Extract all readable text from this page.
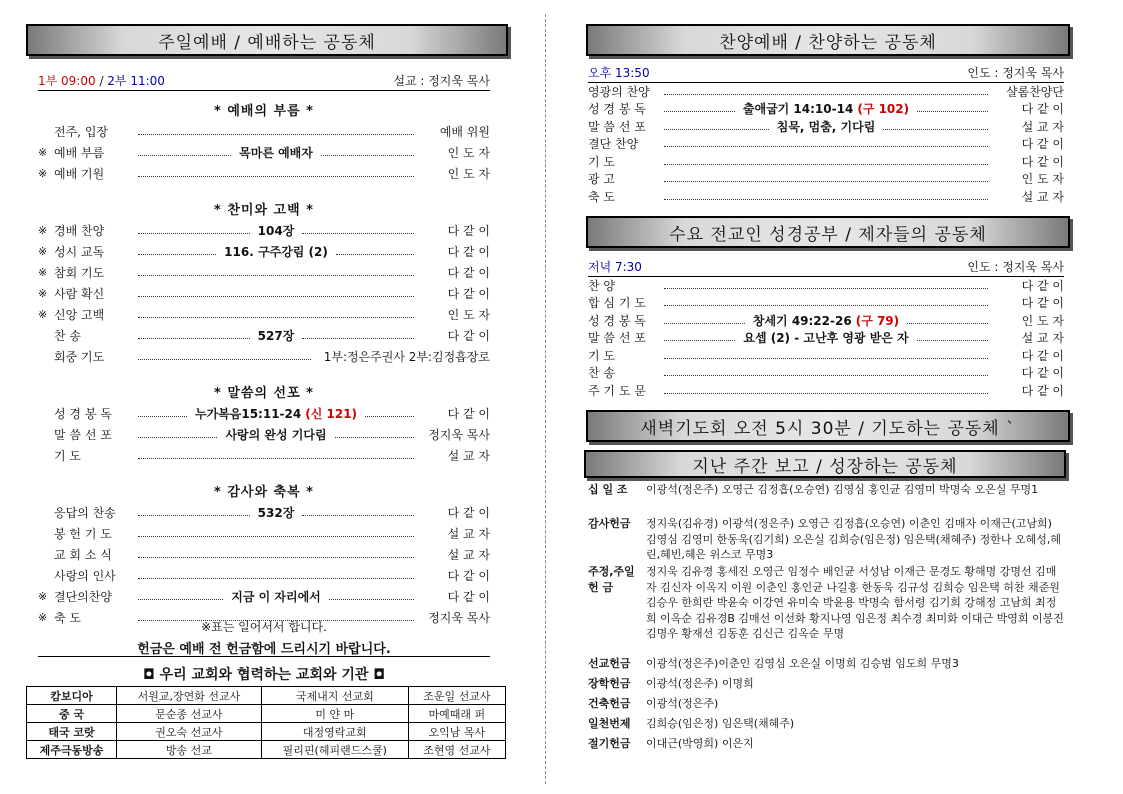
주일예배 / 예배하는 공동체
1부 09:00 / 2부 11:00	설교 : 정지욱 목사
* 예배의 부름 *
전주, 입장	예배 위원
※ 예배 부름	목마른 예배자	인 도 자
※ 예배 기원	인 도 자
* 찬미와 고백 *
※ 경배 찬양	104장	다 같 이
※ 성시 교독	116. 구주강림 (2)	다 같 이
※ 참회 기도	다 같 이
※ 사람 확신	다 같 이
※ 신앙 고백	인 도 자
찬 송	527장	다 같 이
회중 기도	1부:정은주권사 2부:김정흡장로
* 말씀의 선포 *
성 경 봉 독	누가복음15:11-24 (신 121)	다 같 이
말 씀 선 포	사랑의 완성 기다림	정지욱 목사
기 도	설 교 자
* 감사와 축복 *
응답의 찬송	532장	다 같 이
봉 헌 기 도	설 교 자
교 회 소 식	설 교 자
사랑의 인사	다 같 이
※ 결단의찬양	지금 이 자리에서	다 같 이
※ 축 도	정지욱 목사
※표는 일어서서 합니다.
헌금은 예배 전 헌금함에 드리시기 바랍니다.
◘ 우리 교회와 협력하는 교회와 기관 ◘
캄보디아	서원교,장연화 선교사	국제내지 선교회	조운일 선교사
중 국	문순종 선교사	미 얀 마	마예때래 퍼
태국 코랏	권오숙 선교사	대정영락교회	오익남 목사
제주극동방송	방송 선교	필리핀(헤피랜드스쿨)	조현영 선교사
찬양예배 / 찬양하는 공동체
오후 13:50	인도 : 정지욱 목사
영광의 찬양	샬롬찬양단
성 경 봉 독	출애굽기 14:10-14 (구 102)	다 같 이
말 씀 선 포	침묵, 멈춤, 기다림	설 교 자
결단 찬양	다 같 이
기 도	다 같 이
광 고	인 도 자
축 도	설 교 자
수요 전교인 성경공부 / 제자들의 공동체
저녁 7:30	인도 : 정지욱 목사
찬 양	다 같 이
합 심 기 도	다 같 이
성 경 봉 독	창세기 49:22-26 (구 79)	인 도 자
말 씀 선 포	요셉 (2) - 고난후 영광 받은 자	설 교 자
기 도	다 같 이
찬 송	다 같 이
주 기 도 문	다 같 이
새벽기도회 오전 5시 30분 / 기도하는 공동체 `
지난 주간 보고 / 성장하는 공동체
십 일 조	이광석(정은주) 오영근 김정흡(오승연) 김영심 홍인균 김영미 박명숙 오은실 무명1
감사헌금	정지욱(김유경) 이광석(정은주) 오영근 김정흡(오승연) 이춘인 김매자 이재근(고남희) 김영심 김영미 한동욱(김기희) 오은실 김희승(임은정) 임은택(채혜주) 정한나 오혜성,혜린,혜빈,혜은 위스코 무명3
주정,주일 헌 금
정지욱 김유경 홍세진 오영근 임정수 배인균 서성남 이재근 문경도 황해명 강명선 김매자 김신자 이옥지 이원 이춘인 홍인균 나길홍 한동욱 김규성 김희승 임은택 허찬 채준원 김승우 한희란 박윤숙 이강연 유미숙 박윤용 박명숙 함서령 김기희 강해정 고남희 최정희 이옥순 김유경B 김매선 이선화 황지나영 임은정 최수경 최미화 이대근 박영희 이봉진 김명우 황재선 김동훈 김신근 김옥순 무명
선교헌금	이광석(정은주)이춘인 김영심 오은실 이명희 김승범 임도희 무명3
장학헌금	이광석(정은주) 이명희
건축헌금	이광석(정은주)
일천번제	김희승(임은정) 임은택(채혜주)
절기헌금	이대근(박영희) 이은지
